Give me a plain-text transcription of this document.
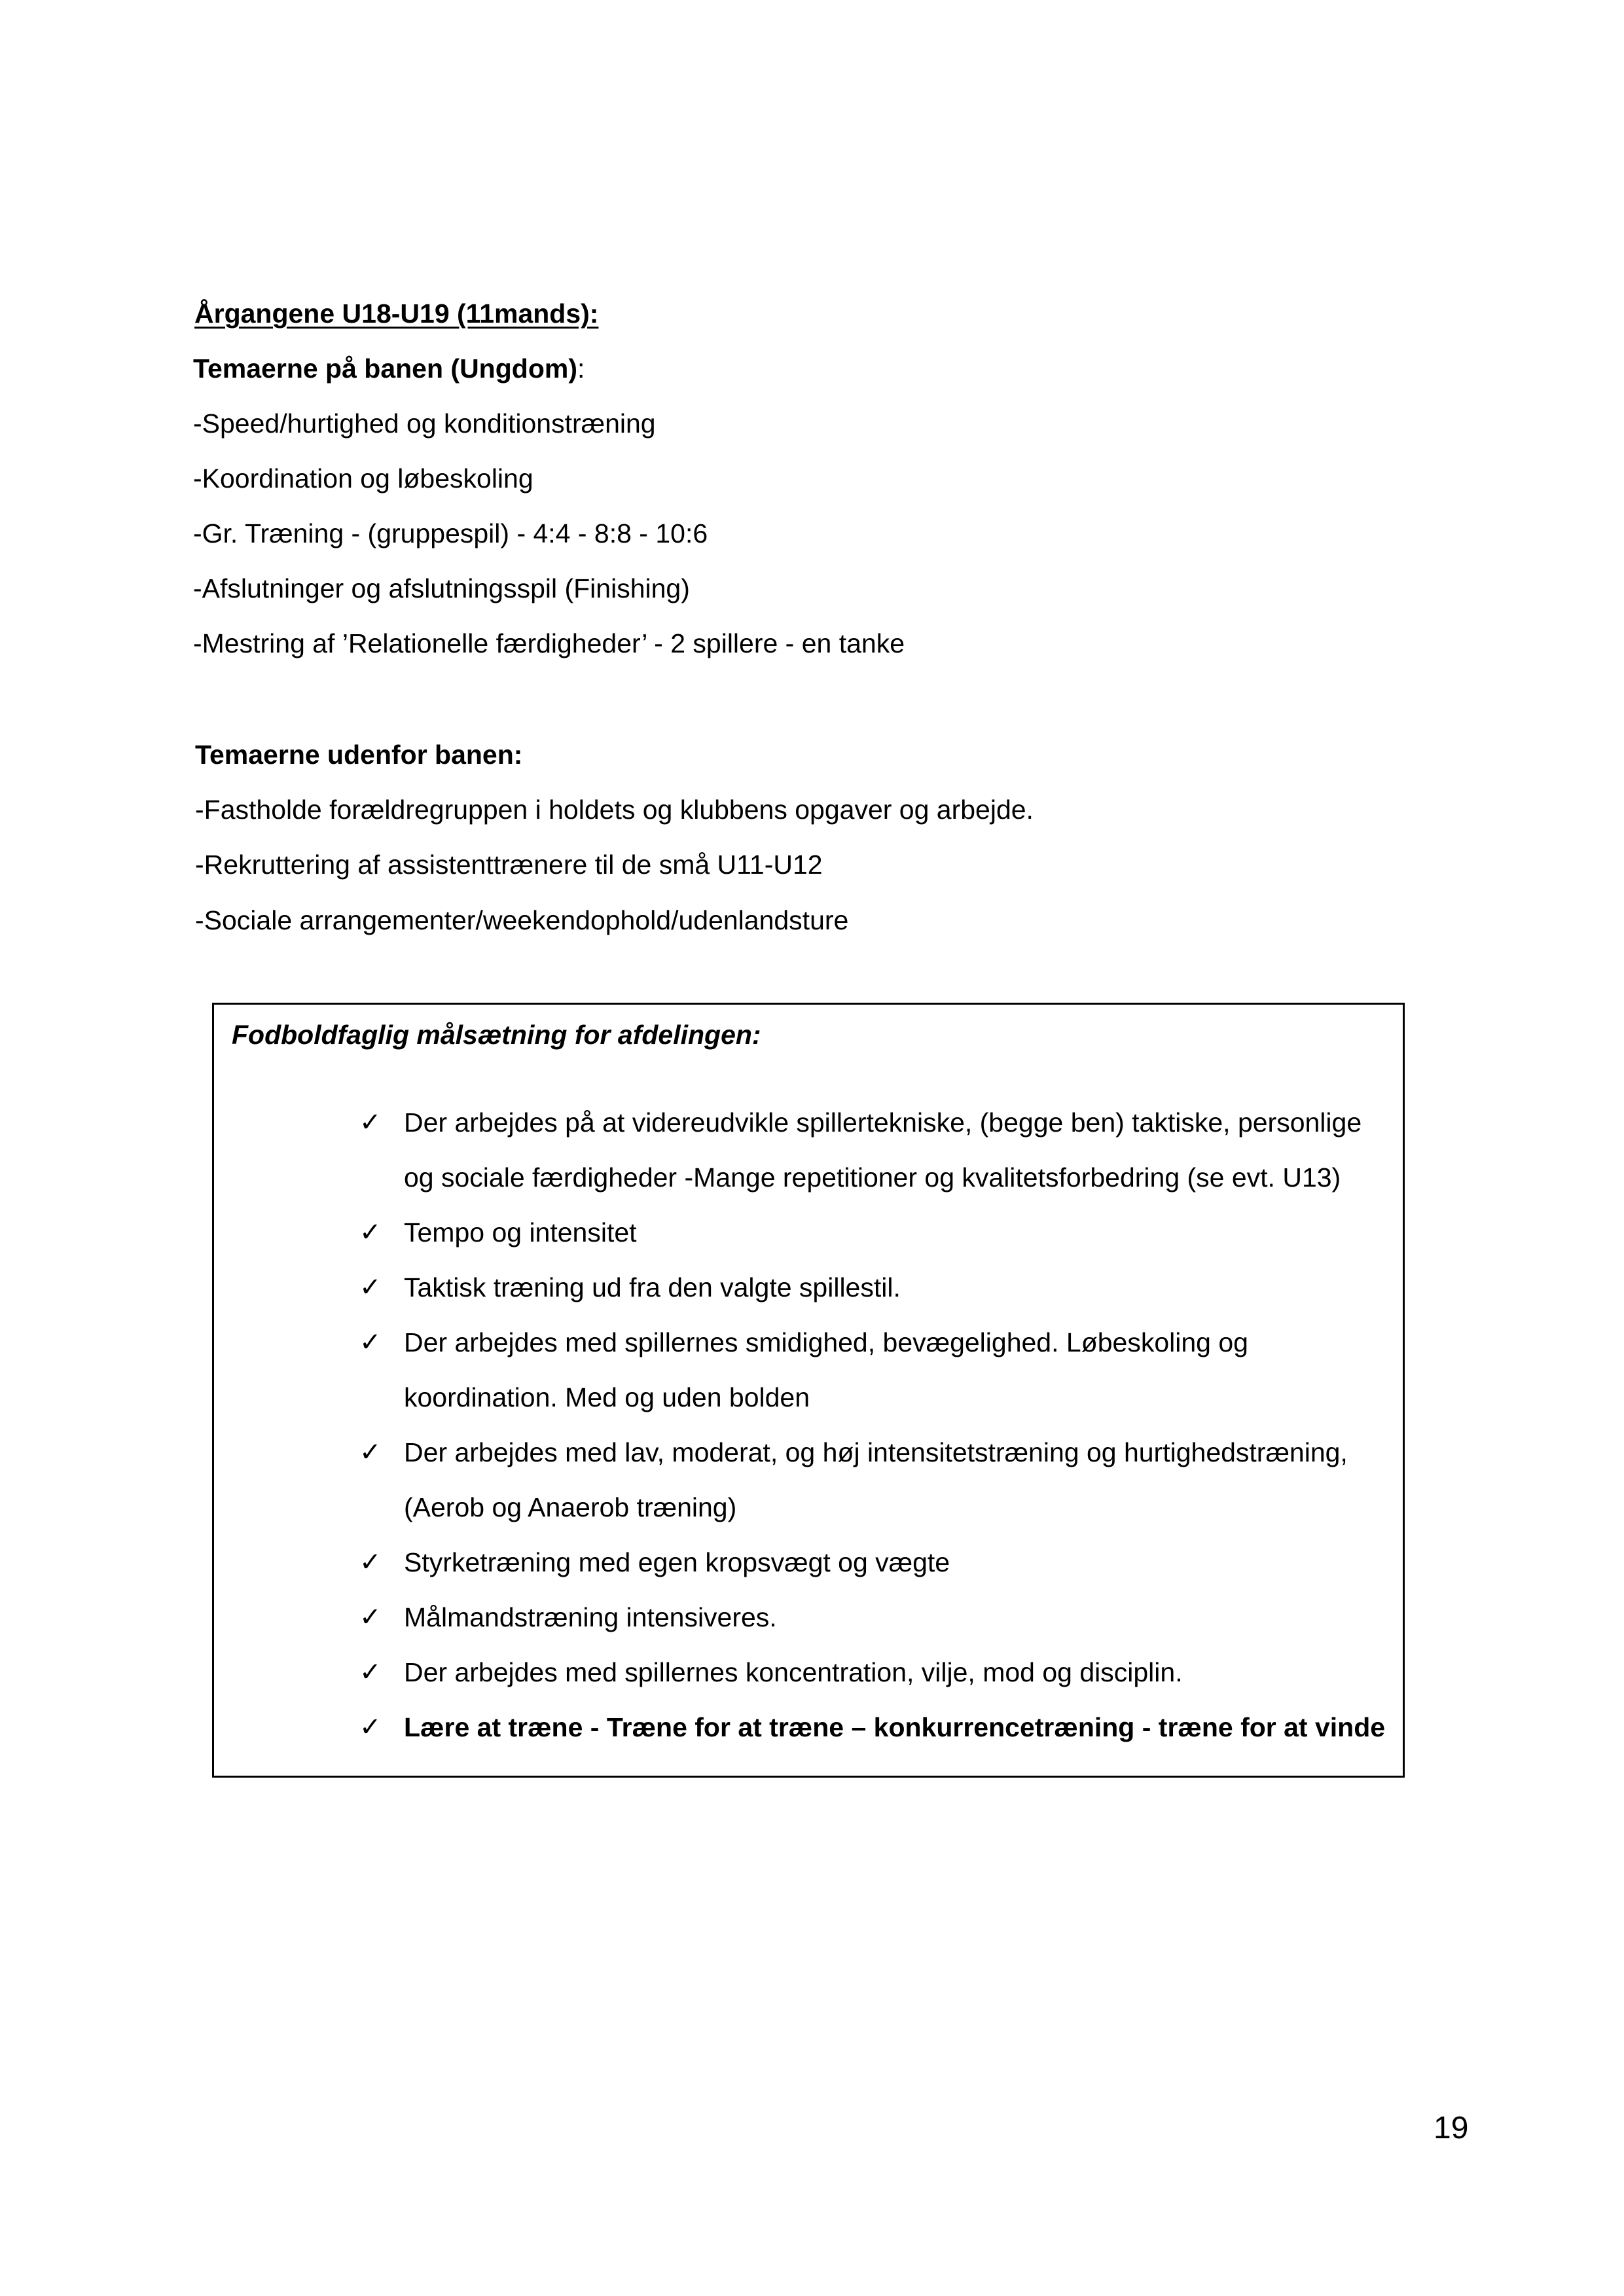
Årgangene U18-U19 (11mands):
Temaerne på banen (Ungdom):
-Speed/hurtighed og konditionstræning
-Koordination og løbeskoling
-Gr. Træning - (gruppespil) - 4:4 - 8:8 - 10:6
-Afslutninger og afslutningsspil (Finishing)
-Mestring af ’Relationelle færdigheder’ - 2 spillere - en tanke
Temaerne udenfor banen:
-Fastholde forældregruppen i holdets og klubbens opgaver og arbejde.
-Rekruttering af assistenttrænere til de små U11-U12
-Sociale arrangementer/weekendophold/udenlandsture
Fodboldfaglig målsætning for afdelingen:
✓ Der arbejdes på at videreudvikle spillertekniske, (begge ben) taktiske, personlige og sociale færdigheder -Mange repetitioner og kvalitetsforbedring (se evt. U13)
✓ Tempo og intensitet
✓ Taktisk træning ud fra den valgte spillestil.
✓ Der arbejdes med spillernes smidighed, bevægelighed. Løbeskoling og koordination. Med og uden bolden
✓ Der arbejdes med lav, moderat, og høj intensitetstræning og hurtighedstræning, (Aerob og Anaerob træning)
✓ Styrketræning med egen kropsvægt og vægte
✓ Målmandstræning intensiveres.
✓ Der arbejdes med spillernes koncentration, vilje, mod og disciplin.
✓ Lære at træne - Træne for at træne – konkurrencetræning - træne for at vinde
19
